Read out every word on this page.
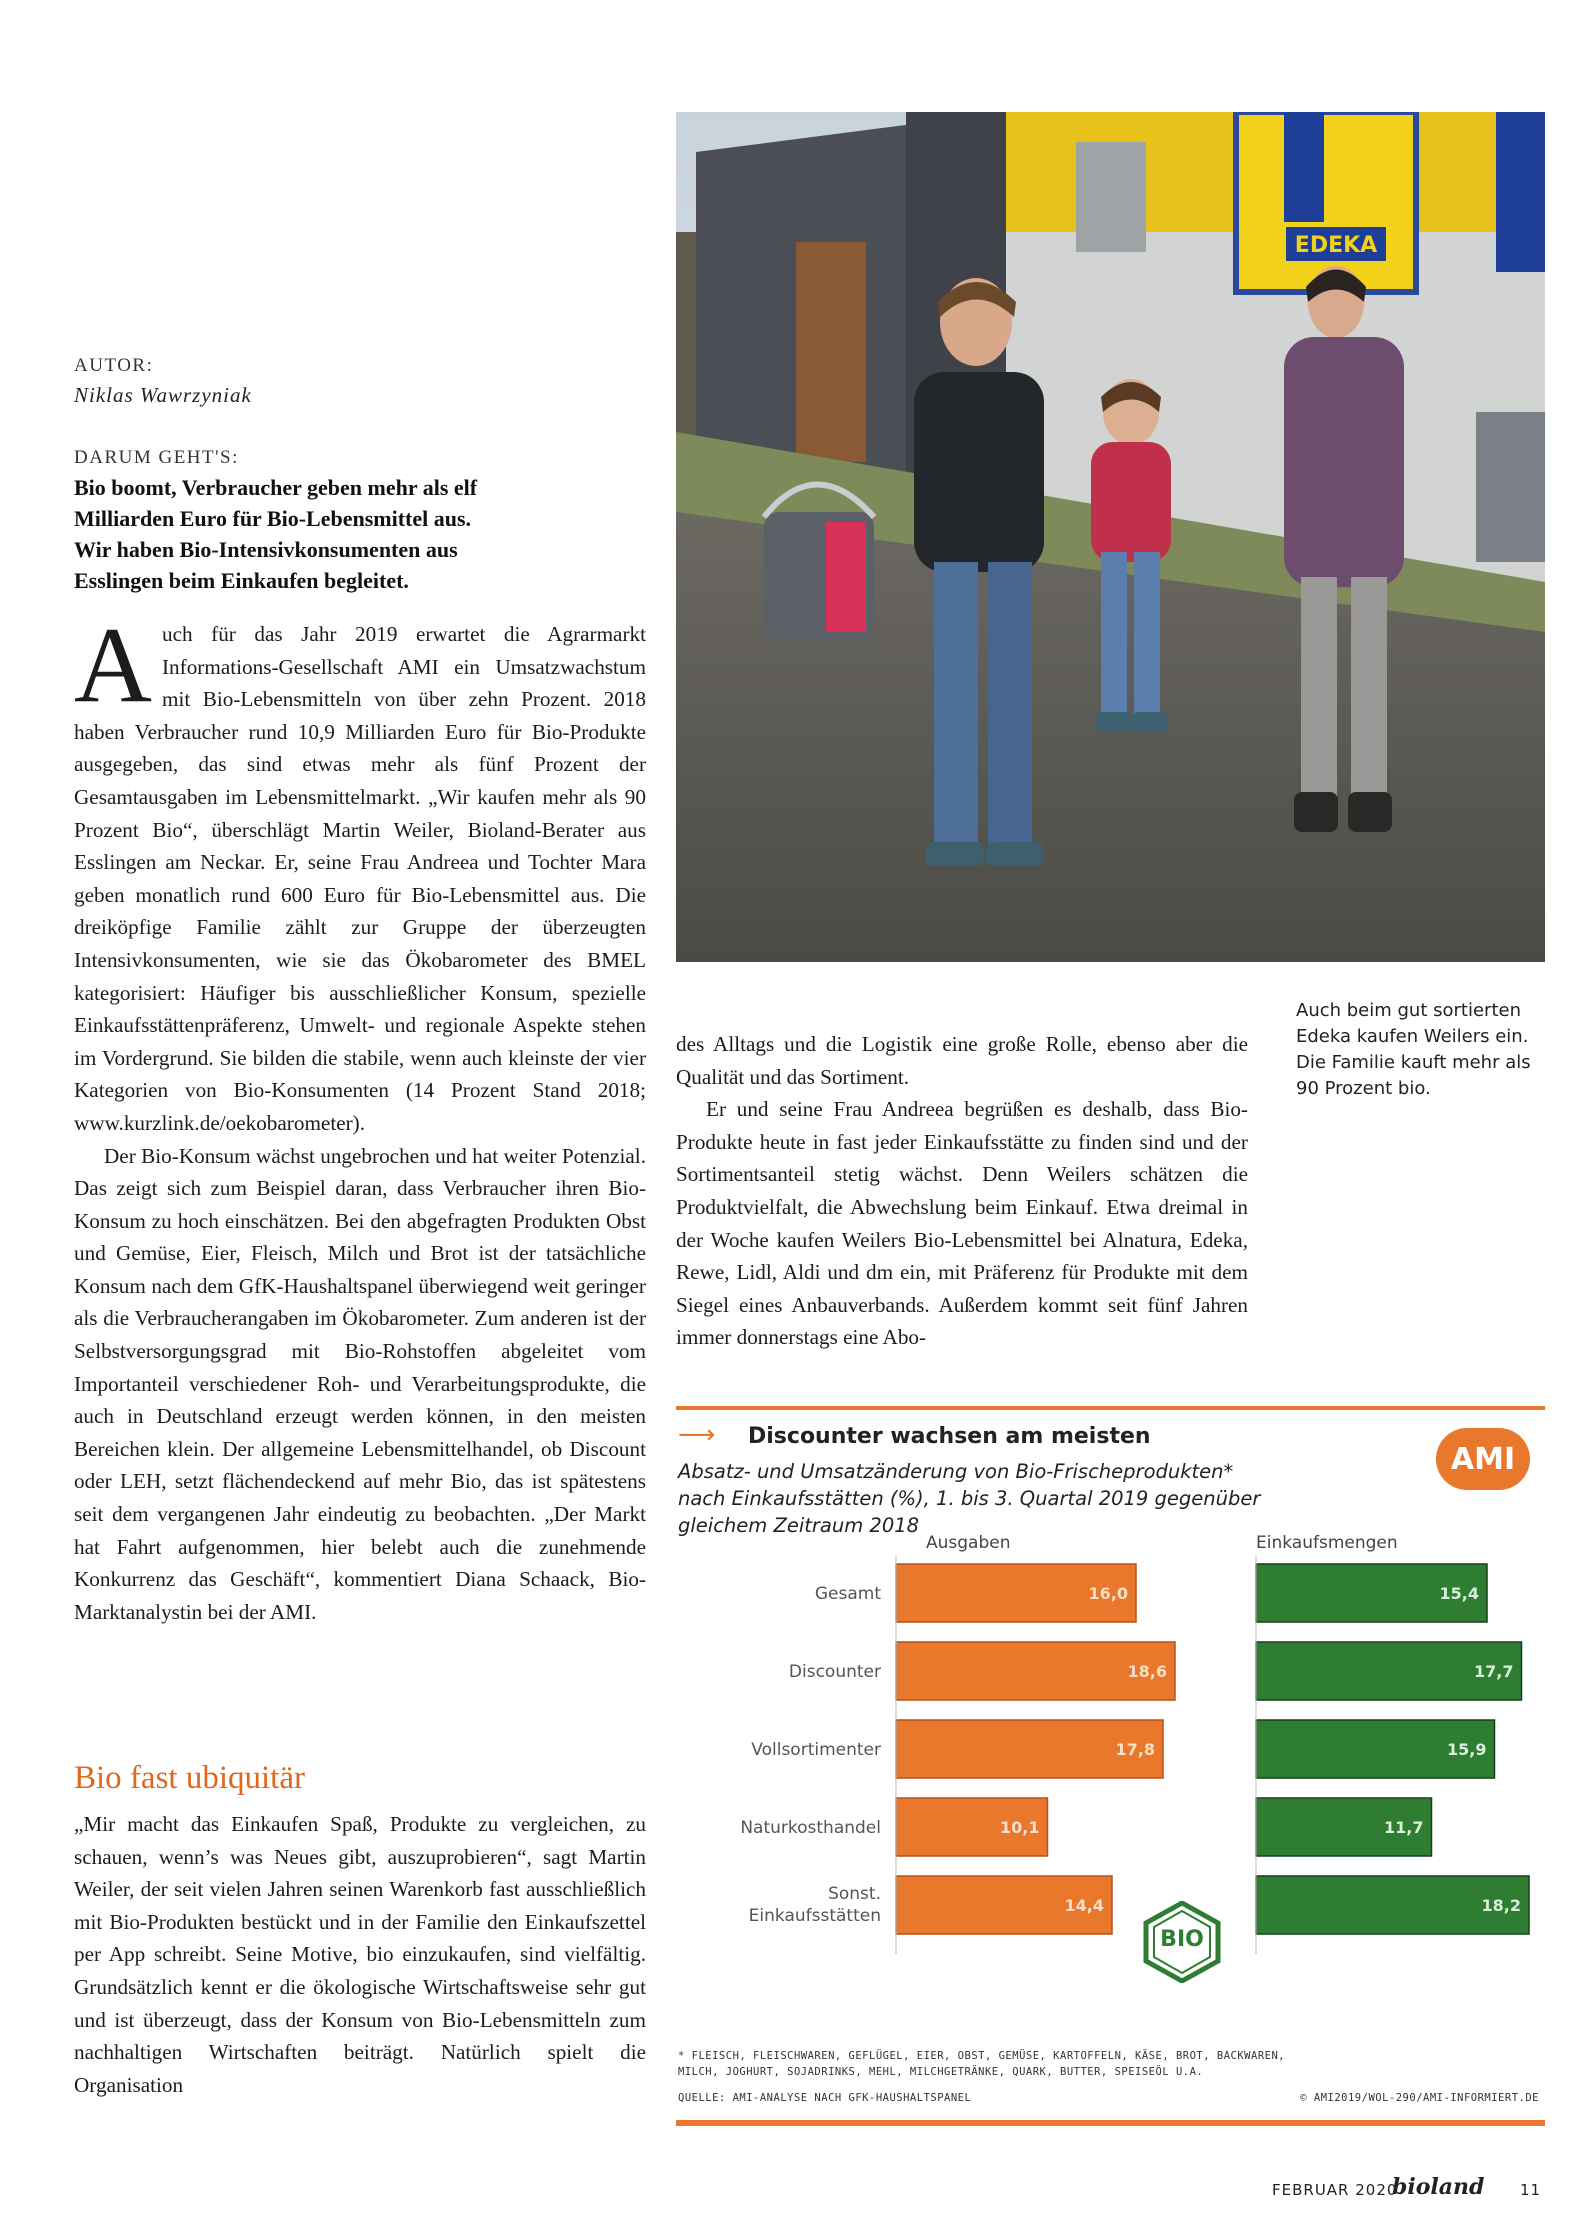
AUTOR:
Niklas Wawrzyniak
DARUM GEHT'S:
Bio boomt, Verbraucher geben mehr als elf
Milliarden Euro für Bio-Lebensmittel aus.
Wir haben Bio-Intensivkonsumenten aus
Esslingen beim Einkaufen begleitet.

Auch für das Jahr 2019 erwartet die Agrarmarkt Informations-Gesellschaft AMI ein Umsatzwachstum mit Bio-Lebensmitteln von über zehn Prozent. 2018 haben Verbraucher rund 10,9 Milliarden Euro für Bio-Produkte ausgegeben, das sind etwas mehr als fünf Prozent der Gesamtausgaben im Lebensmittelmarkt. „Wir kaufen mehr als 90 Prozent Bio“, überschlägt Martin Weiler, Bioland-Berater aus Esslingen am Neckar. Er, seine Frau Andreea und Tochter Mara geben monatlich rund 600 Euro für Bio-Lebensmittel aus. Die dreiköpfige Familie zählt zur Gruppe der überzeugten Intensivkonsumenten, wie sie das Ökobarometer des BMEL kategorisiert: Häufiger bis ausschließlicher Konsum, spezielle Einkaufsstättenpräferenz, Umwelt- und regionale Aspekte stehen im Vordergrund. Sie bilden die stabile, wenn auch kleinste der vier Kategorien von Bio-Konsumenten (14 Prozent Stand 2018; www.kurzlink.de/oekobarometer).

Der Bio-Konsum wächst ungebrochen und hat weiter Potenzial. Das zeigt sich zum Beispiel daran, dass Verbraucher ihren Bio-Konsum zu hoch einschätzen. Bei den abgefragten Produkten Obst und Gemüse, Eier, Fleisch, Milch und Brot ist der tatsächliche Konsum nach dem GfK-Haushaltspanel überwiegend weit geringer als die Verbraucherangaben im Ökobarometer. Zum anderen ist der Selbstversorgungsgrad mit Bio-Rohstoffen abgeleitet vom Importanteil verschiedener Roh- und Verarbeitungsprodukte, die auch in Deutschland erzeugt werden können, in den meisten Bereichen klein. Der allgemeine Lebensmittelhandel, ob Discount oder LEH, setzt flächendeckend auf mehr Bio, das ist spätestens seit dem vergangenen Jahr eindeutig zu beobachten. „Der Markt hat Fahrt aufgenommen, hier belebt auch die zunehmende Konkurrenz das Geschäft“, kommentiert Diana Schaack, Bio-Marktanalystin bei der AMI.

Bio fast ubiquitär

„Mir macht das Einkaufen Spaß, Produkte zu vergleichen, zu schauen, wenn’s was Neues gibt, auszuprobieren“, sagt Martin Weiler, der seit vielen Jahren seinen Warenkorb fast ausschließlich mit Bio-Produkten bestückt und in der Familie den Einkaufszettel per App schreibt. Seine Motive, bio einzukaufen, sind vielfältig. Grundsätzlich kennt er die ökologische Wirtschaftsweise sehr gut und ist überzeugt, dass der Konsum von Bio-Lebensmitteln zum nachhaltigen Wirtschaften beiträgt. Natürlich spielt die Organisation

EDEKA
Auch beim gut sortierten
Edeka kaufen Weilers ein.
Die Familie kauft mehr als
90 Prozent bio.

des Alltags und die Logistik eine große Rolle, ebenso aber die Qualität und das Sortiment.

Er und seine Frau Andreea begrüßen es deshalb, dass Bio-Produkte heute in fast jeder Einkaufsstätte zu finden sind und der Sortimentsanteil stetig wächst. Denn Weilers schätzen die Produktvielfalt, die Abwechslung beim Einkauf. Etwa dreimal in der Woche kaufen Weilers Bio-Lebensmittel bei Alnatura, Edeka, Rewe, Lidl, Aldi und dm ein, mit Präferenz für Produkte mit dem Siegel eines Anbauverbands. Außerdem kommt seit fünf Jahren immer donnerstags eine Abo-

⟶ Discounter wachsen am meisten
Absatz- und Umsatzänderung von Bio-Frischeprodukten*
nach Einkaufsstätten (%), 1. bis 3. Quartal 2019 gegenüber
gleichem Zeitraum 2018
AMI
Ausgaben	Einkaufsmengen
Gesamt	16,0	15,4
Discounter	18,6	17,7
Vollsortimenter	17,8	15,9
Naturkosthandel	10,1	11,7
Sonst.
Einkaufsstätten
14,4	18,2
BIO
* FLEISCH, FLEISCHWAREN, GEFLÜGEL, EIER, OBST, GEMÜSE, KARTOFFELN, KÄSE, BROT, BACKWAREN,
MILCH, JOGHURT, SOJADRINKS, MEHL, MILCHGETRÄNKE, QUARK, BUTTER, SPEISEÖL U.A.
QUELLE: AMI-ANALYSE NACH GFK-HAUSHALTSPANEL	© AMI2019/WOL-290/AMI-INFORMIERT.DE
FEBRUAR 2020
bioland 11
